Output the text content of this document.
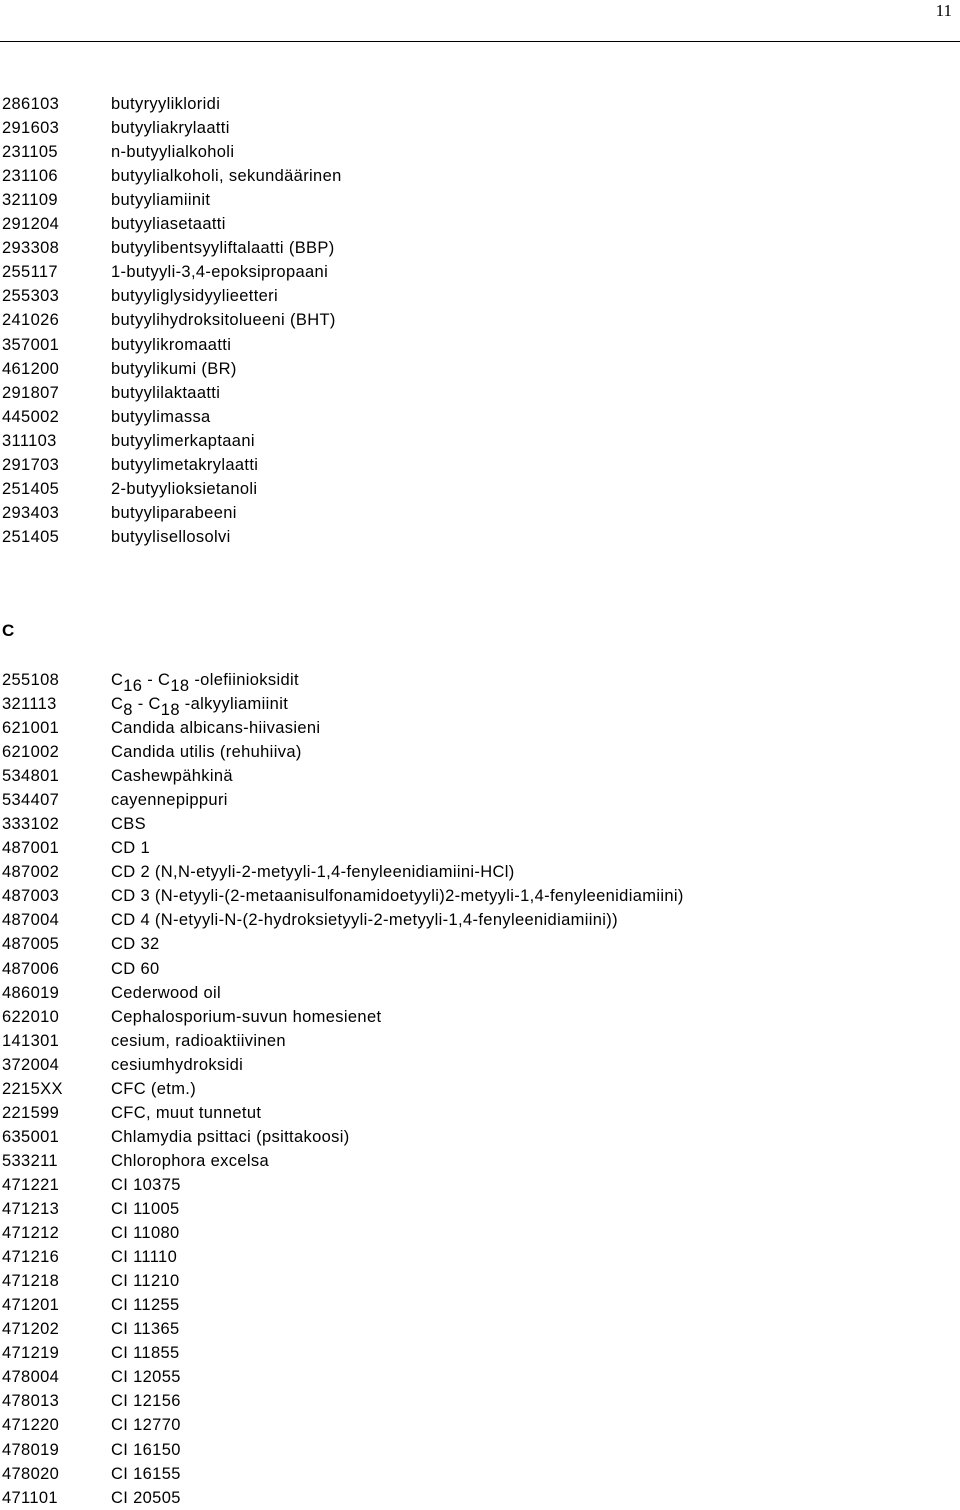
11
286103	butyryylikloridi
291603	butyyliakrylaatti
231105	n-butyylialkoholi
231106	butyylialkoholi, sekundäärinen
321109	butyyliamiinit
291204	butyyliasetaatti
293308	butyylibentsyyliftalaatti (BBP)
255117	1-butyyli-3,4-epoksipropaani
255303	butyyliglysidyylieetteri
241026	butyylihydroksitolueeni (BHT)
357001	butyylikromaatti
461200	butyylikumi (BR)
291807	butyylilaktaatti
445002	butyylimassa
311103	butyylimerkaptaani
291703	butyylimetakrylaatti
251405	2-butyylioksietanoli
293403	butyyliparabeeni
251405	butyylisellosolvi
C
255108	C16 - C18 -olefiinioksidit
321113	C8 - C18 -alkyyliamiinit
621001	Candida albicans-hiivasieni
621002	Candida utilis (rehuhiiva)
534801	Cashewpähkinä
534407	cayennepippuri
333102	CBS
487001	CD 1
487002	CD 2 (N,N-etyyli-2-metyyli-1,4-fenyleenidiamiini-HCl)
487003	CD 3 (N-etyyli-(2-metaanisulfonamidoetyyli)2-metyyli-1,4-fenyleenidiamiini)
487004	CD 4 (N-etyyli-N-(2-hydroksietyyli-2-metyyli-1,4-fenyleenidiamiini))
487005	CD 32
487006	CD 60
486019	Cederwood oil
622010	Cephalosporium-suvun homesienet
141301	cesium, radioaktiivinen
372004	cesiumhydroksidi
2215XX	CFC (etm.)
221599	CFC, muut tunnetut
635001	Chlamydia psittaci (psittakoosi)
533211	Chlorophora excelsa
471221	CI 10375
471213	CI 11005
471212	CI 11080
471216	CI 11110
471218	CI 11210
471201	CI 11255
471202	CI 11365
471219	CI 11855
478004	CI 12055
478013	CI 12156
471220	CI 12770
478019	CI 16150
478020	CI 16155
471101	CI 20505
